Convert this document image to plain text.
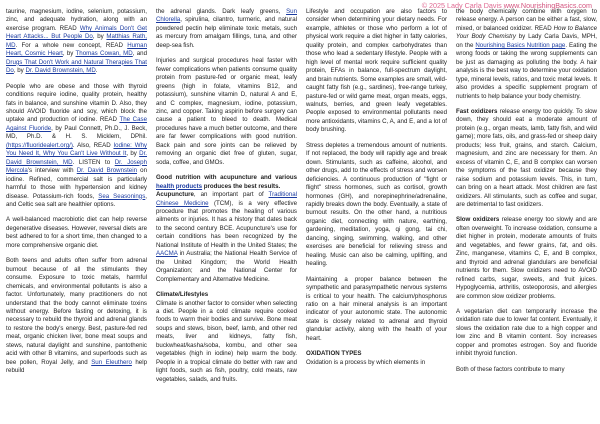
© 2025 Lady Carla Davis www.NourishingBasics.com

taurine, magnesium, iodine, selenium, potassium, zinc, and adequate hydration, along with an exercise program. READ Why Animals Don't Get Heart Attacks... But People Do, by Matthias Rath, MD. For a whole new concept, READ Human Heart, Cosmic Heart, by Thomas Cowan, MD, and Drugs That Don't Work and Natural Therapies That Do, by Dr. David Brownstein, MD.

People who are obese and those with thyroid conditions require iodine, quality protein, healthy fats in balance, and sunshine vitamin D. Also, they should AVOID fluoride and soy, which block the uptake and production of iodine. READ The Case Against Fluoride, by Paul Connett, Ph.D., J. Beck, MD, Ph.D. & H. S. Micklem, DPhil. (https://fluoridealert.org/). Also, READ Iodine: Why You Need It, Why You Can't Live Without It, by Dr. David Brownstein, MD. LISTEN to Dr. Joseph Mercola's interview with Dr. David Brownstein on iodine. Refined, commercial salt is particularly harmful to those with hypertension and kidney disease. Potassium-rich foods, Sea Seasonings, and Celtic sea salt are healthier options.

A well-balanced macrobiotic diet can help reverse degenerative diseases. However, reversal diets are best adhered to for a short time, then changed to a more comprehensive organic diet.

Both teens and adults often suffer from adrenal burnout because of all the stimulants they consume. Exposure to toxic metals, harmful chemicals, and environmental pollutants is also a factor. Unfortunately, many practitioners do not understand that the body cannot eliminate toxins without energy. Before fasting or detoxing, it is necessary to rebuild the thyroid and adrenal glands to restore the body's energy. Best, pasture-fed red meat, organic chicken liver, bone meat soups and stews, natural daylight and sunshine, pantothenic acid with other B vitamins, and superfoods such as bee pollen, Royal Jelly, and Sun Eleuthero help rebuild

the adrenal glands. Dark leafy greens, Sun Chlorella, spirulina, cilantro, turmeric, and natural powdered pectin help eliminate toxic metals, such as mercury from amalgam fillings, tuna, and other deep-sea fish.

Injuries and surgical procedures heal faster with fewer complications when patients consume quality protein from pasture-fed or organic meat, leafy greens (high in folate, vitamins B12, and potassium), sunshine vitamin D, natural A and E, and C complex, magnesium, iodine, potassium, zinc, and copper. Taking aspirin before surgery can cause a patient to bleed to death. Medical procedures have a much better outcome, and there are far fewer complications with good nutrition. Back pain and sore joints can be relieved by removing an organic diet free of gluten, sugar, soda, coffee, and GMOs.

Good nutrition with acupuncture and various health products produces the best results.

Acupuncture, an important part of Traditional Chinese Medicine (TCM), is a very effective procedure that promotes the healing of various ailments or injuries. It has a history that dates back to the second century BCE. Acupuncture's use for certain conditions has been recognized by the National Institute of Health in the United States; the AACMA in Australia; the National Health Service of the United Kingdom; the World Health Organization; and the National Center for Complementary and Alternative Medicine.

Climate/Lifestyles

Climate is another factor to consider when selecting a diet. People in a cold climate require cooked foods to warm their bodies and survive. Bone meat soups and stews, bison, beef, lamb, and other red meats, liver and kidneys, fatty fish, buckwheat/kasha/soba, kombu, and other sea vegetables (high in iodine) help warm the body. People in a tropical climate do better with raw and light foods, such as fish, poultry, cold meats, raw vegetables, salads, and fruits.

Lifestyle and occupation are also factors to consider when determining your dietary needs. For example, athletes or those who perform a lot of physical work require a diet higher in fatty calories, quality protein, and complex carbohydrates than those who lead a sedentary lifestyle. People with a high level of mental work require sufficient quality protein, EFAs in balance, full-spectrum daylight, and brain nutrients. Some examples are small, wild-caught fatty fish (e.g., sardines), free-range turkey, pasture-fed or wild game meat, organ meats, eggs, walnuts, berries, and green leafy vegetables. People exposed to environmental pollutants need more antioxidants, vitamins C, A, and E, and a lot of body brushing.

Stress depletes a tremendous amount of nutrients. If not replaced, the body will rapidly age and break down. Stimulants, such as caffeine, alcohol, and other drugs, add to the effects of stress and worsen deficiencies. A continuous production of "fight or flight" stress hormones, such as cortisol, growth hormones (GH), and norepinephrine/adrenaline, rapidly breaks down the body. Eventually, a state of burnout results. On the other hand, a nutritious organic diet, connecting with nature, earthing, gardening, meditation, yoga, qi gong, tai chi, dancing, singing, swimming, walking, and other exercises are beneficial for relieving stress and healing. Music can also be calming, uplifting, and healing.

Maintaining a proper balance between the sympathetic and parasympathetic nervous systems is critical to your health. The calcium/phosphorus ratio on a hair mineral analysis is an important indicator of your autonomic state. The autonomic state is closely related to adrenal and thyroid glandular activity, along with the health of your heart.

OXIDATION TYPES

Oxidation is a process by which elements in

the body chemically combine with oxygen to release energy. A person can be either a fast, slow, mixed, or balanced oxidizer. READ How to Balance Your Body Chemistry by Lady Carla Davis, MPH, on the Nourishing Basics Nutrition page. Eating the wrong foods or taking the wrong supplements can be just as damaging as polluting the body. A hair analysis is the best way to determine your oxidation type, mineral levels, ratios, and toxic metal levels. It also provides a specific supplement program of nutrients to help balance your body chemistry.

Fast oxidizers release energy too quickly. To slow down, they should eat a moderate amount of protein (e.g., organ meats, lamb, fatty fish, and wild game); more fats, oils, and grass-fed or sheep dairy products; less fruit, grains, and starch. Calcium, magnesium, and zinc are necessary for them. An excess of vitamin C, E, and B complex can worsen the symptoms of the fast oxidizer because they raise sodium and potassium levels. This, in turn, can bring on a heart attack. Most children are fast oxidizers. All stimulants, such as coffee and sugar, are detrimental to fast oxidizers.

Slow oxidizers release energy too slowly and are often overweight. To increase oxidation, consume a diet higher in protein, moderate amounts of fruits and vegetables, and fewer grains, fat, and oils. Zinc, manganese, vitamins C, E, and B complex, and thyroid and adrenal glandulars are beneficial nutrients for them. Slow oxidizers need to AVOID refined carbs, sugar, sweets, and fruit juices. Hypoglycemia, arthritis, osteoporosis, and allergies are common slow oxidizer problems.

A vegetarian diet can temporarily increase the oxidation rate due to lower fat content. Eventually, it slows the oxidation rate due to a high copper and low zinc and B vitamin content. Soy increases copper and promotes estrogen. Soy and fluoride inhibit thyroid function.

Both of these factors contribute to many
